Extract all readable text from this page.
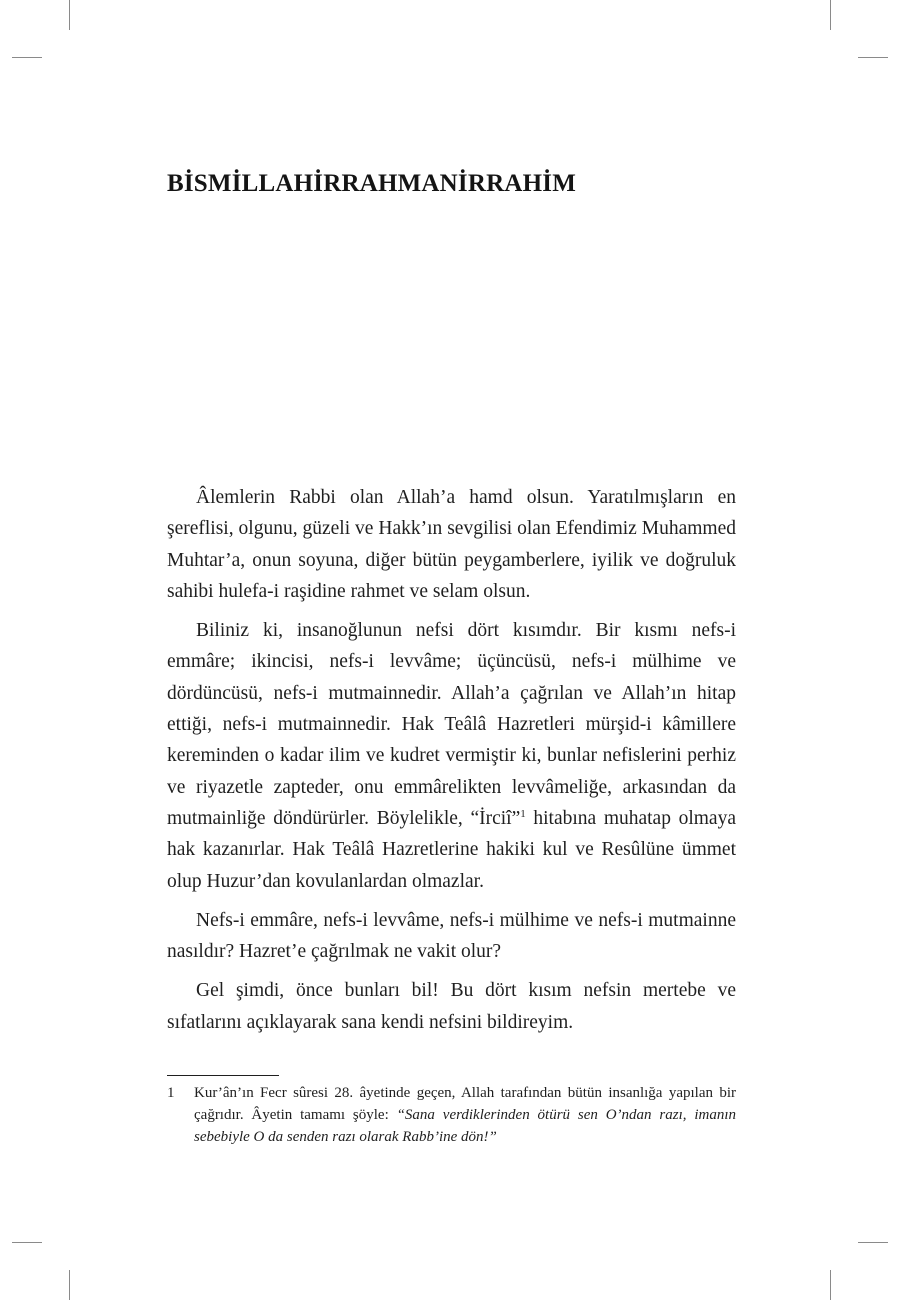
BİSMİLLAHİRRAHMANİRRAHİM

Âlemlerin Rabbi olan Allah’a hamd olsun. Yaratılmışların en şereflisi, olgunu, güzeli ve Hakk’ın sevgilisi olan Efendimiz Muhammed Muhtar’a, onun soyuna, diğer bütün peygamberlere, iyilik ve doğruluk sahibi hulefa-i raşidine rahmet ve selam olsun.

Biliniz ki, insanoğlunun nefsi dört kısımdır. Bir kısmı nefs-i emmâre; ikincisi, nefs-i levvâme; üçüncüsü, nefs-i mülhime ve dördüncüsü, nefs-i mutmainnedir. Allah’a çağrılan ve Allah’ın hitap ettiği, nefs-i mutmainnedir. Hak Teâlâ Hazretleri mürşid-i kâmillere kereminden o kadar ilim ve kudret vermiştir ki, bunlar nefislerini perhiz ve riyazetle zapteder, onu emmârelikten levvâmeliğe, arkasından da mutmainliğe döndürürler. Böylelikle, “İrciî”$^1$ hitabına muhatap olmaya hak kazanırlar. Hak Teâlâ Hazretlerine hakiki kul ve Resûlüne ümmet olup Huzur’dan kovulanlardan olmazlar.

Nefs-i emmâre, nefs-i levvâme, nefs-i mülhime ve nefs-i mutmainne nasıldır? Hazret’e çağrılmak ne vakit olur?

Gel şimdi, önce bunları bil! Bu dört kısım nefsin mertebe ve sıfatlarını açıklayarak sana kendi nefsini bildireyim.

1 Kur’ân’ın Fecr sûresi 28. âyetinde geçen, Allah tarafından bütün insanlığa yapılan bir çağrıdır. Âyetin tamamı şöyle: “Sana verdiklerinden ötürü sen O’ndan razı, imanın sebebiyle O da senden razı olarak Rabb’ine dön!”
